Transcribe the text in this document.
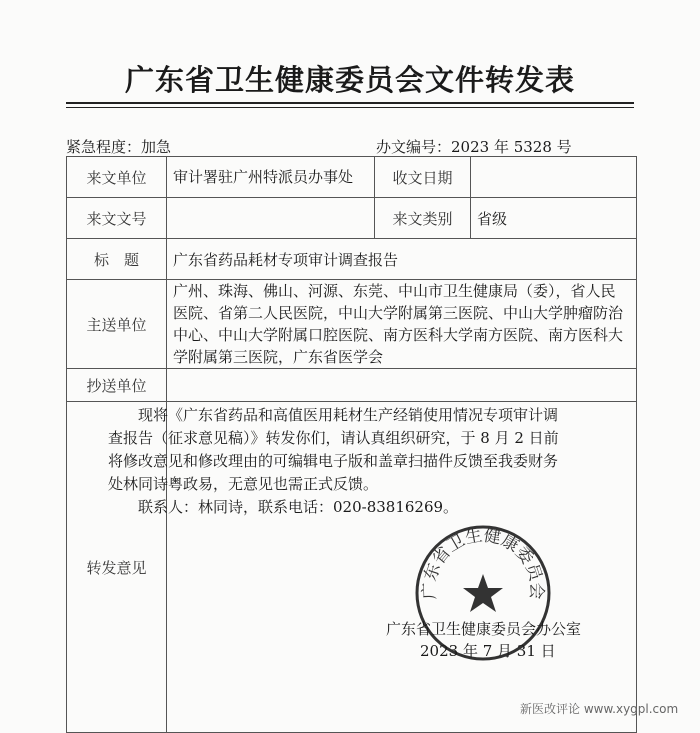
广东省卫生健康委员会文件转发表
紧急程度：加急	办文编号：2023 年 5328 号
来文单位	审计署驻广州特派员办事处	收文日期	
来文文号		来文类别	省级
标　题	广东省药品耗材专项审计调查报告		
主送单位	广州、珠海、佛山、河源、东莞、中山市卫生健康局（委），省人民医院、省第二人民医院，中山大学附属第三医院、中山大学肿瘤防治中心、中山大学附属口腔医院、南方医科大学南方医院、南方医科大学附属第三医院，广东省医学会		
抄送单位			
转发意见			

现将《广东省药品和高值医用耗材生产经销使用情况专项审计调查报告（征求意见稿）》转发你们，请认真组织研究，于 8 月 2 日前将修改意见和修改理由的可编辑电子版和盖章扫描件反馈至我委财务处林同诗粤政易，无意见也需正式反馈。

联系人：林同诗，联系电话：020-83816269。

广东省卫生健康委员会
广东省卫生健康委员会办公室
2023 年 7 月 31 日
新医改评论 www.xygpl.com
